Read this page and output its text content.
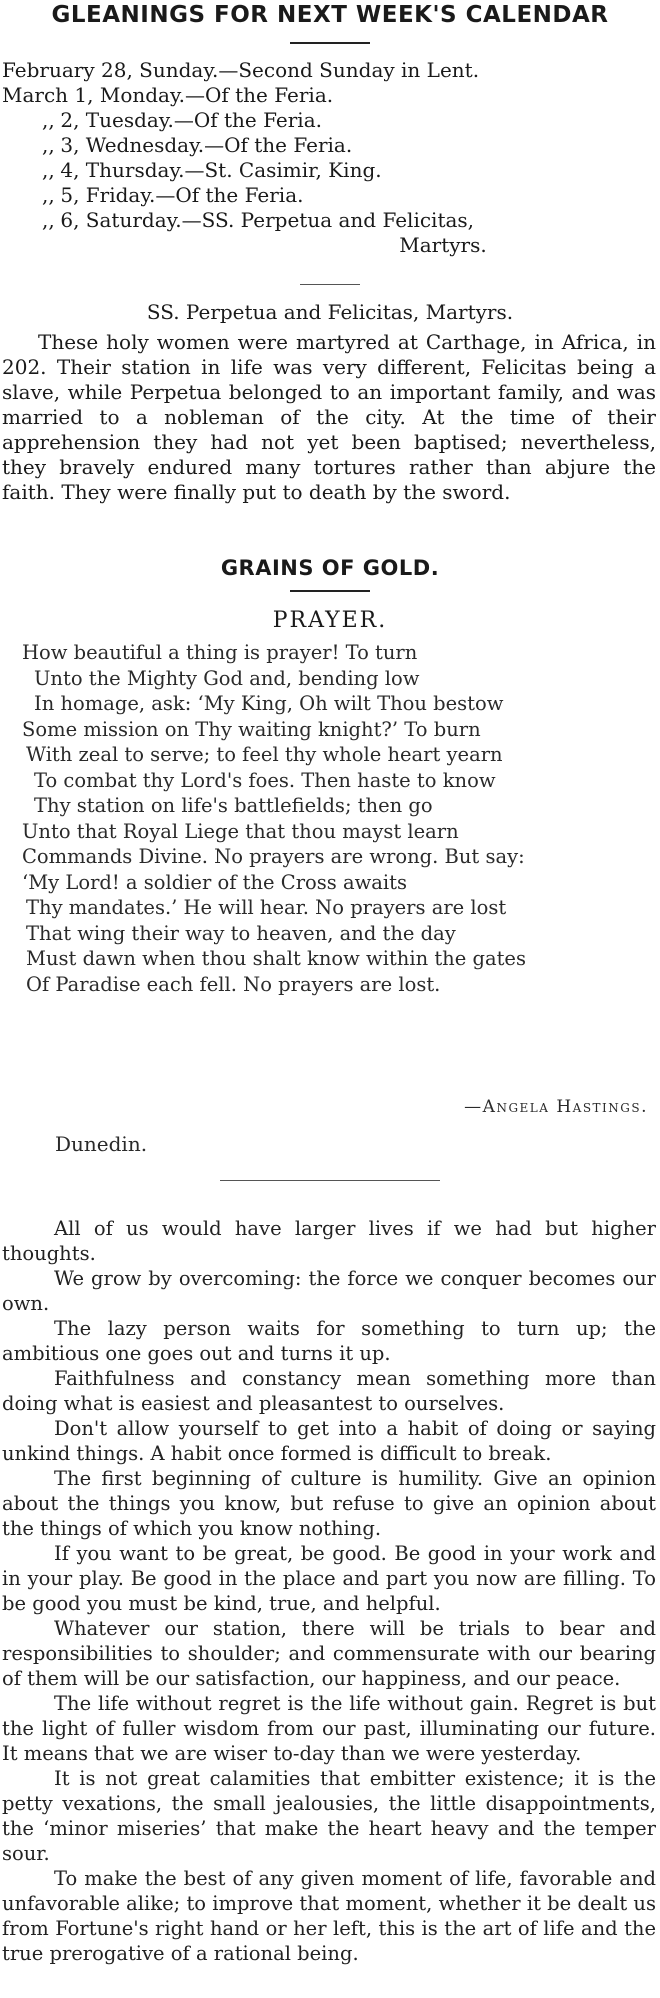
GLEANINGS FOR NEXT WEEK'S CALENDAR
February 28, Sunday.—Second Sunday in Lent.
March 1, Monday.—Of the Feria.
,, 2, Tuesday.—Of the Feria.
,, 3, Wednesday.—Of the Feria.
,, 4, Thursday.—St. Casimir, King.
,, 5, Friday.—Of the Feria.
,, 6, Saturday.—SS. Perpetua and Felicitas,
Martyrs.
SS. Perpetua and Felicitas, Martyrs.
These holy women were martyred at Carthage, in Africa, in 202. Their station in life was very different, Felicitas being a slave, while Perpetua belonged to an important family, and was married to a nobleman of the city. At the time of their apprehension they had not yet been baptised; nevertheless, they bravely endured many tortures rather than abjure the faith. They were finally put to death by the sword.
GRAINS OF GOLD.
PRAYER.
How beautiful a thing is prayer! To turn
Unto the Mighty God and, bending low
In homage, ask: ‘My King, Oh wilt Thou bestow
Some mission on Thy waiting knight?’ To burn
With zeal to serve; to feel thy whole heart yearn
To combat thy Lord's foes. Then haste to know
Thy station on life's battlefields; then go
Unto that Royal Liege that thou mayst learn
Commands Divine. No prayers are wrong. But say:
‘My Lord! a soldier of the Cross awaits
Thy mandates.’ He will hear. No prayers are lost
That wing their way to heaven, and the day
Must dawn when thou shalt know within the gates
Of Paradise each fell. No prayers are lost.
—Angela Hastings.
Dunedin.

All of us would have larger lives if we had but higher thoughts.

We grow by overcoming: the force we conquer becomes our own.

The lazy person waits for something to turn up; the ambitious one goes out and turns it up.

Faithfulness and constancy mean something more than doing what is easiest and pleasantest to ourselves.

Don't allow yourself to get into a habit of doing or saying unkind things. A habit once formed is difficult to break.

The first beginning of culture is humility. Give an opinion about the things you know, but refuse to give an opinion about the things of which you know nothing.

If you want to be great, be good. Be good in your work and in your play. Be good in the place and part you now are filling. To be good you must be kind, true, and helpful.

Whatever our station, there will be trials to bear and responsibilities to shoulder; and commensurate with our bearing of them will be our satisfaction, our happiness, and our peace.

The life without regret is the life without gain. Regret is but the light of fuller wisdom from our past, illuminating our future. It means that we are wiser to-day than we were yesterday.

It is not great calamities that embitter existence; it is the petty vexations, the small jealousies, the little disappointments, the ‘minor miseries’ that make the heart heavy and the temper sour.

To make the best of any given moment of life, favorable and unfavorable alike; to improve that moment, whether it be dealt us from Fortune's right hand or her left, this is the art of life and the true prerogative of a rational being.
